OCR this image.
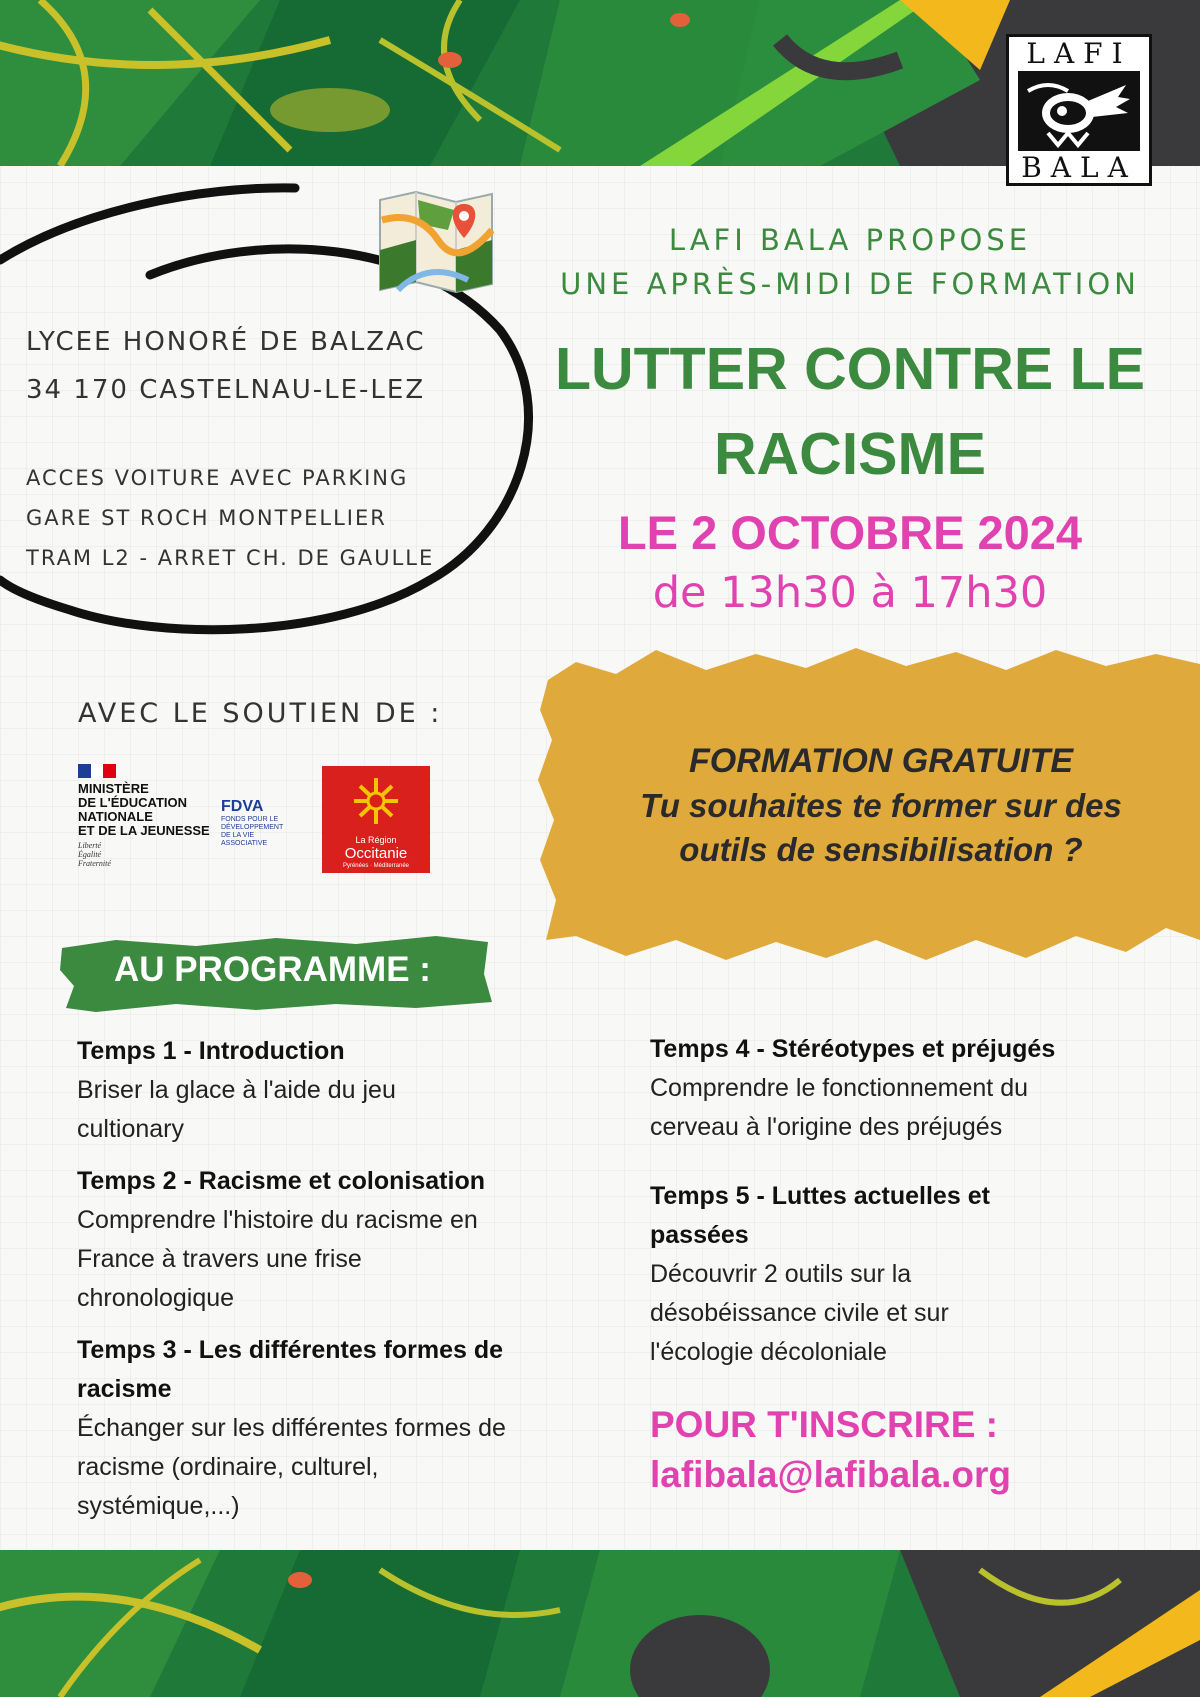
LAFI
BALA
LYCEE HONORÉ DE BALZAC
34 170 CASTELNAU-LE-LEZ
ACCES VOITURE AVEC PARKING
GARE ST ROCH MONTPELLIER
TRAM L2 - ARRET CH. DE GAULLE
LAFI BALA PROPOSE
UNE APRÈS-MIDI DE FORMATION
LUTTER CONTRE LE
RACISME
LE 2 OCTOBRE 2024
de 13h30 à 17h30
FORMATION GRATUITE
Tu souhaites te former sur des
outils de sensibilisation ?
AVEC LE SOUTIEN DE :
MINISTÈRE
DE L'ÉDUCATION
NATIONALE
ET DE LA JEUNESSE
Liberté
Égalité
Fraternité
FDVA
FONDS POUR LE
DÉVELOPPEMENT
DE LA VIE
ASSOCIATIVE	La Région
Occitanie
Pyrénées · Méditerranée
AU PROGRAMME :
Temps 1 - Introduction
Briser la glace à l'aide du jeu
cultionary
Temps 2 - Racisme et colonisation
Comprendre l'histoire du racisme en
France à travers une frise
chronologique
Temps 3 - Les différentes formes de
racisme
Échanger sur les différentes formes de
racisme (ordinaire, culturel,
systémique,...)
Temps 4 - Stéréotypes et préjugés
Comprendre le fonctionnement du
cerveau à l'origine des préjugés
Temps 5 - Luttes actuelles et
passées
Découvrir 2 outils sur la
désobéissance civile et sur
l'écologie décoloniale
POUR T'INSCRIRE :
lafibala@lafibala.org
